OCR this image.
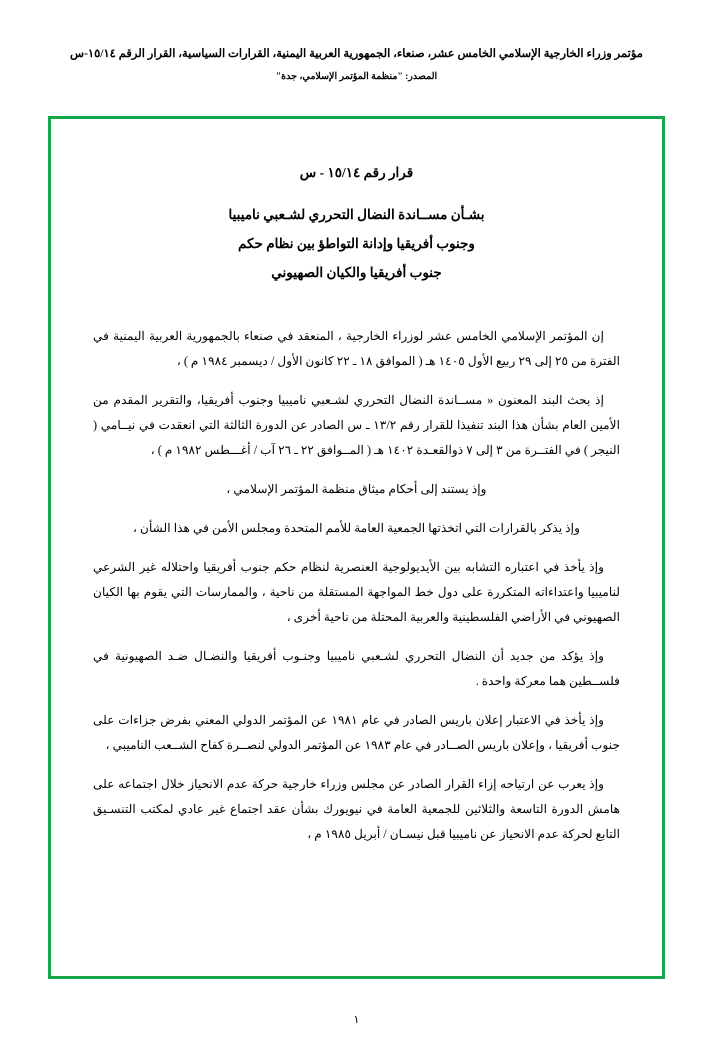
مؤتمر وزراء الخارجية الإسلامي الخامس عشر، صنعاء، الجمهورية العربية اليمنية، القرارات السياسية، القرار الرقم ١٥/١٤-س
المصدر: "منظمة المؤتمر الإسلامي، جدة"
قرار رقم ١٥/١٤ - س
بشـأن مســاندة النضال التحرري لشـعبي ناميبيا
وجنوب أفريقيا وإدانة التواطؤ بين نظام حكم
جنوب أفريقيا والكيان الصهيوني

إن المؤتمر الإسلامي الخامس عشر لوزراء الخارجية ، المنعقد في صنعاء بالجمهورية العربية اليمنية في الفترة من ٢٥ إلى ٢٩ ربيع الأول ١٤٠٥ هـ ( الموافق ١٨ ـ ٢٢ كانون الأول / ديسمبر ١٩٨٤ م ) ،

إذ بحث البند المعنون « مســاندة النضال التحرري لشـعبي ناميبيا وجنوب أفريقيا، والتقرير المقدم من الأمين العام بشأن هذا البند تنفيذا للقرار رقم ١٣/٢ ـ س الصادر عن الدورة الثالثة التي انعقدت في نيــامي ( النيجر ) في الفتــرة من ٣ إلى ٧ ذوالقعـدة ١٤٠٢ هـ ( المــوافق ٢٢ ـ ٢٦ آب / أغـــطس ١٩٨٢ م ) ،

وإذ يستند إلى أحكام ميثاق منظمة المؤتمر الإسلامي ،

وإذ يذكر بالقرارات التي اتخذتها الجمعية العامة للأمم المتحدة ومجلس الأمن في هذا الشأن ،

وإذ يأخذ في اعتباره التشابه بين الأيديولوجية العنصرية لنظام حكم جنوب أفريقيا واحتلاله غير الشرعي لناميبيا واعتداءاته المتكررة على دول خط المواجهة المستقلة من ناحية ، والممارسات التي يقوم بها الكيان الصهيوني في الأراضي الفلسطينية والعربية المحتلة من ناحية أخرى ،

وإذ يؤكد من جديد أن النضال التحرري لشـعبي ناميبيا وجنـوب أفريقيا والنضـال ضـد الصهيونية في فلســطين هما معركة واحدة .

وإذ يأخذ في الاعتبار إعلان باريس الصادر في عام ١٩٨١ عن المؤتمر الدولي المعني بفرض جزاءات على جنوب أفريقيا ، وإعلان باريس الصــادر في عام ١٩٨٣ عن المؤتمر الدولي لنصــرة كفاح الشــعب الناميبي ،

وإذ يعرب عن ارتياحه إزاء القرار الصادر عن مجلس وزراء خارجية حركة عدم الانحياز خلال اجتماعه على هامش الدورة التاسعة والثلاثين للجمعية العامة في نيويورك بشأن عقد اجتماع غير عادي لمكتب التنسـيق التابع لحركة عدم الانحياز عن ناميبيا قبل نيسـان / أبريل ١٩٨٥ م ،

١
